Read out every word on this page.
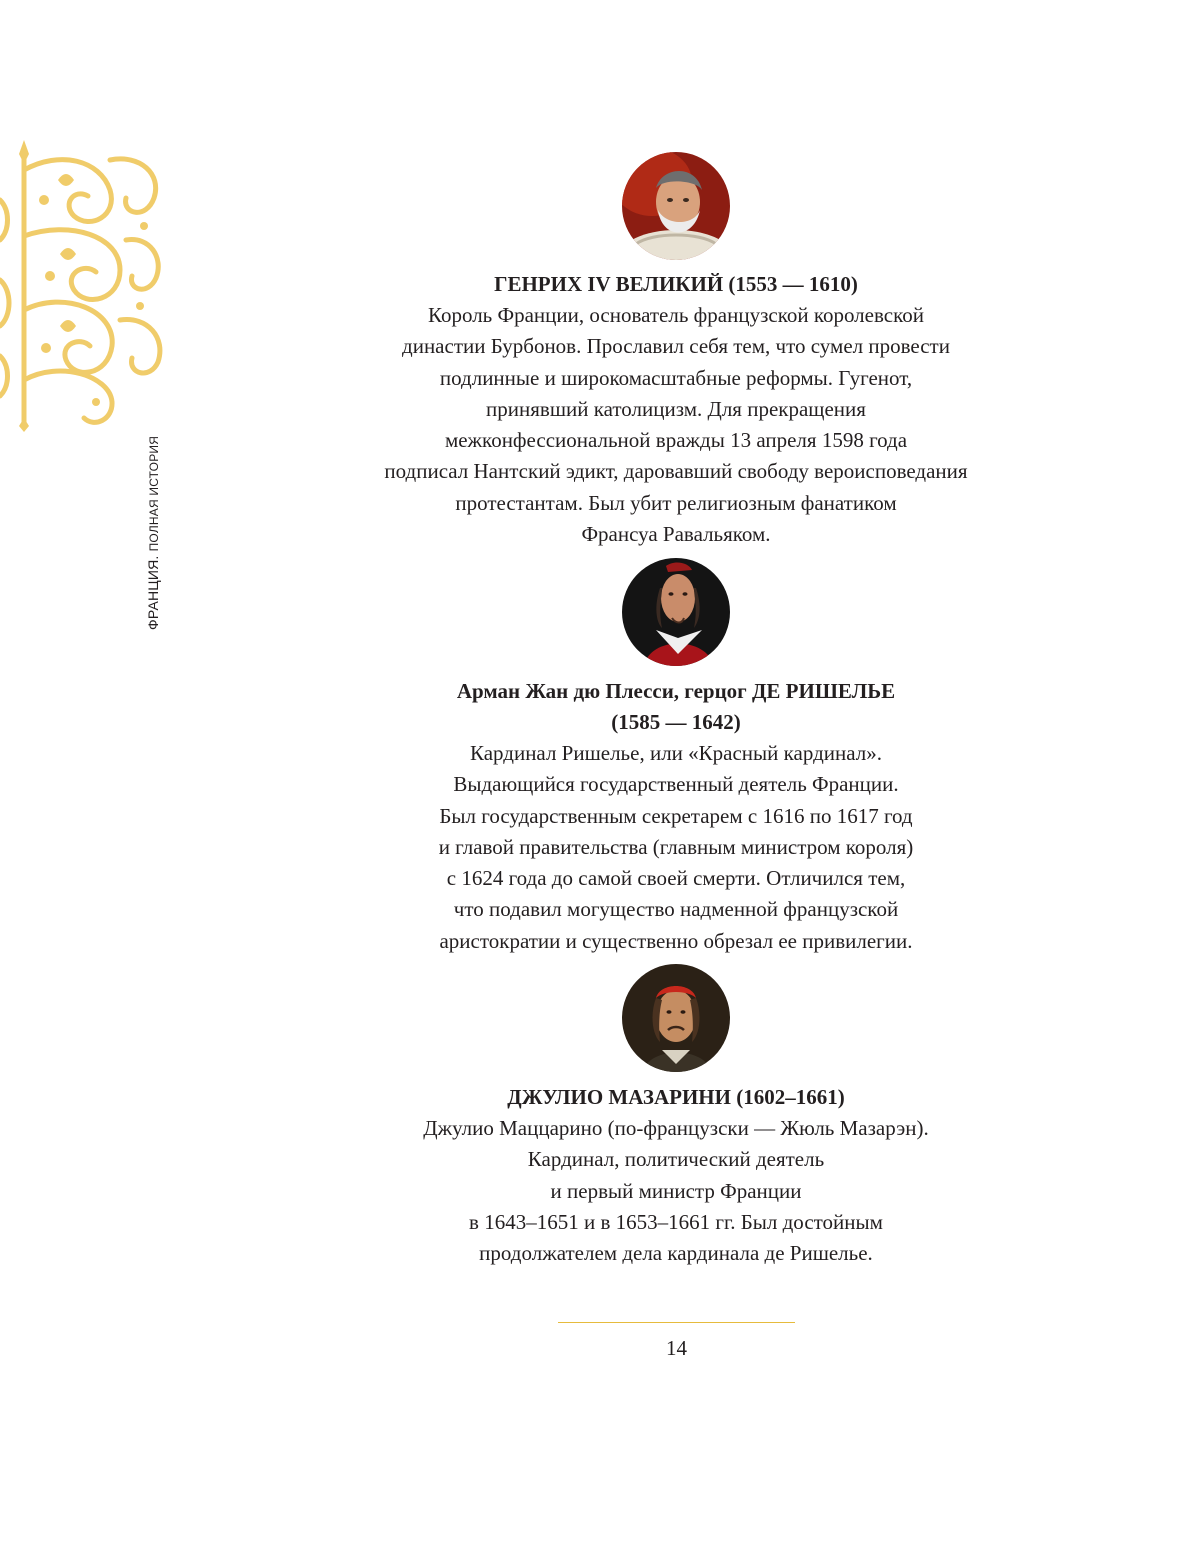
ФРАНЦИЯ. ПОЛНАЯ ИСТОРИЯ
ГЕНРИХ IV ВЕЛИКИЙ (1553 — 1610)

Король Франции, основатель французской королевской

династии Бурбонов. Прославил себя тем, что сумел провести

подлинные и широкомасштабные реформы. Гугенот,

принявший католицизм. Для прекращения

межконфессиональной вражды 13 апреля 1598 года

подписал Нантский эдикт, даровавший свободу вероисповедания

протестантам. Был убит религиозным фанатиком

Франсуа Равальяком.

Арман Жан дю Плесси, герцог ДЕ РИШЕЛЬЕ
(1585 — 1642)

Кардинал Ришелье, или «Красный кардинал».

Выдающийся государственный деятель Франции.

Был государственным секретарем с 1616 по 1617 год

и главой правительства (главным министром короля)

с 1624 года до самой своей смерти. Отличился тем,

что подавил могущество надменной французской

аристократии и существенно обрезал ее привилегии.

ДЖУЛИО МАЗАРИНИ (1602–1661)

Джулио Маццарино (по-французски — Жюль Мазарэн).

Кардинал, политический деятель

и первый министр Франции

в 1643–1651 и в 1653–1661 гг. Был достойным

продолжателем дела кардинала де Ришелье.

14
